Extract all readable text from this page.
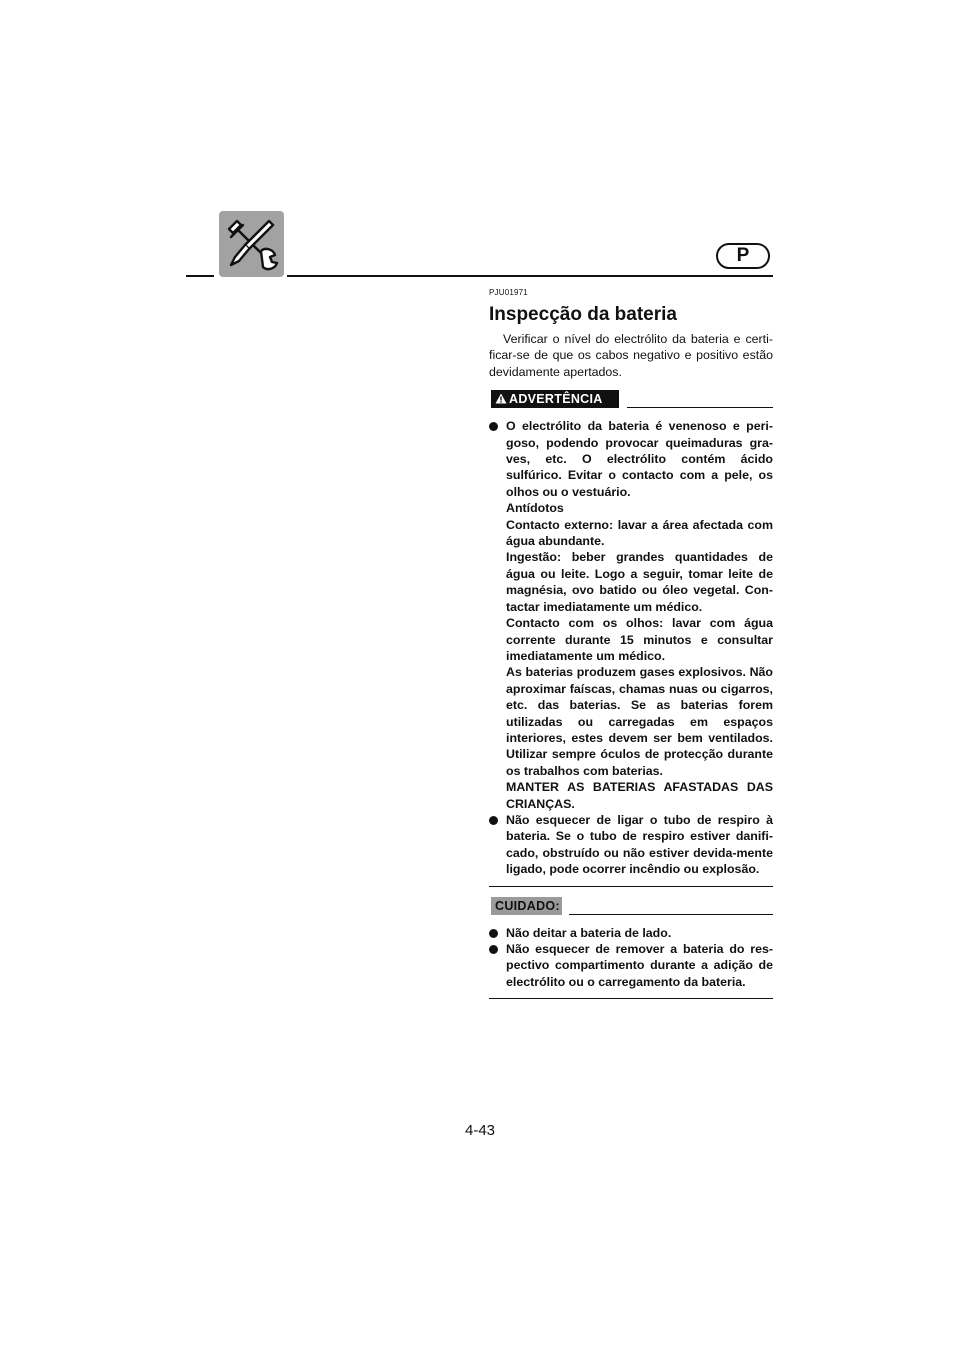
P
PJU01971
Inspecção da bateria

Verificar o nível do electrólito da bateria e certi-ficar-se de que os cabos negativo e positivo estão devidamente apertados.

ADVERTÊNCIA

O electrólito da bateria é venenoso e peri-goso, podendo provocar queimaduras gra-ves, etc. O electrólito contém ácido sulfúrico. Evitar o contacto com a pele, os olhos ou o vestuário.

Antídotos

Contacto externo: lavar a área afectada com água abundante.

Ingestão: beber grandes quantidades de água ou leite. Logo a seguir, tomar leite de magnésia, ovo batido ou óleo vegetal. Con-tactar imediatamente um médico.

Contacto com os olhos: lavar com água corrente durante 15 minutos e consultar imediatamente um médico.

As baterias produzem gases explosivos. Não aproximar faíscas, chamas nuas ou cigarros, etc. das baterias. Se as baterias forem utilizadas ou carregadas em espaços interiores, estes devem ser bem ventilados. Utilizar sempre óculos de protecção durante os trabalhos com baterias.

MANTER AS BATERIAS AFASTADAS DAS CRIANÇAS.

Não esquecer de ligar o tubo de respiro à bateria. Se o tubo de respiro estiver danifi-cado, obstruído ou não estiver devida-mente ligado, pode ocorrer incêndio ou explosão.

CUIDADO:

Não deitar a bateria de lado.

Não esquecer de remover a bateria do res-pectivo compartimento durante a adição de electrólito ou o carregamento da bateria.

4-43
